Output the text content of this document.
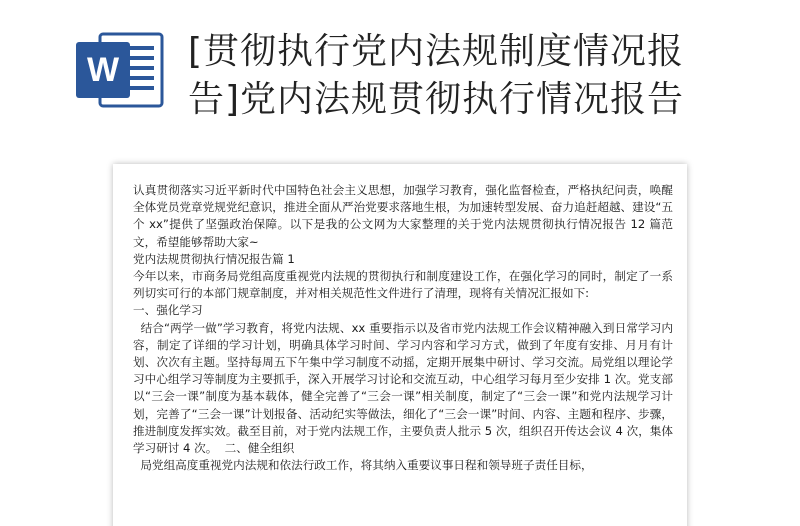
W [贯彻执行党内法规制度情况报
告]党内法规贯彻执行情况报告

认真贯彻落实习近平新时代中国特色社会主义思想，加强学习教育，强化监督检查，严格执纪问责，唤醒全体党员党章党规党纪意识，推进全面从严治党要求落地生根，为加速转型发展、奋力追赶超越、建设“五个 xx”提供了坚强政治保障。以下是我的公文网为大家整理的关于党内法规贯彻执行情况报告 12 篇范文，希望能够帮助大家~

党内法规贯彻执行情况报告篇 1

今年以来，市商务局党组高度重视党内法规的贯彻执行和制度建设工作，在强化学习的同时，制定了一系列切实可行的本部门规章制度，并对相关规范性文件进行了清理，现将有关情况汇报如下:

一、强化学习

结合“两学一做”学习教育，将党内法规、xx 重要指示以及省市党内法规工作会议精神融入到日常学习内容，制定了详细的学习计划，明确具体学习时间、学习内容和学习方式，做到了年度有安排、月月有计划、次次有主题。坚持每周五下午集中学习制度不动摇，定期开展集中研讨、学习交流。局党组以理论学习中心组学习等制度为主要抓手，深入开展学习讨论和交流互动，中心组学习每月至少安排 1 次。党支部以“三会一课”制度为基本载体，健全完善了“三会一课”相关制度，制定了“三会一课”和党内法规学习计划，完善了“三会一课”计划报备、活动纪实等做法，细化了“三会一课”时间、内容、主题和程序、步骤，推进制度发挥实效。截至目前，对于党内法规工作，主要负责人批示 5 次，组织召开传达会议 4 次，集体学习研讨 4 次。  二、健全组织

局党组高度重视党内法规和依法行政工作，将其纳入重要议事日程和领导班子责任目标，
